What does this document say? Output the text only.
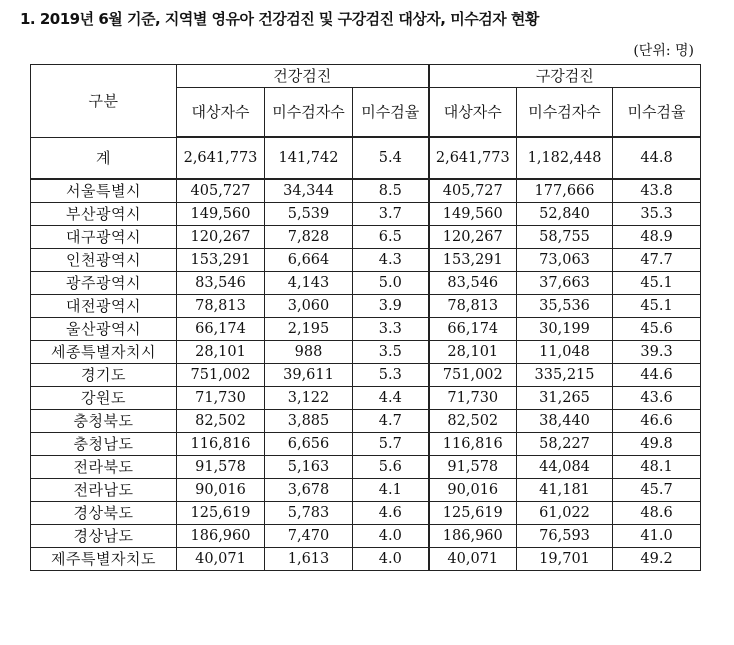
1. 2019년 6월 기준, 지역별 영유아 건강검진 및 구강검진 대상자, 미수검자 현황
(단위: 명)
구분	건강검진			구강검진		
	대상자수	미수검자수	미수검율	대상자수	미수검자수	미수검율
계	2,641,773	141,742	5.4	2,641,773	1,182,448	44.8
서울특별시	405,727	34,344	8.5	405,727	177,666	43.8
부산광역시	149,560	5,539	3.7	149,560	52,840	35.3
대구광역시	120,267	7,828	6.5	120,267	58,755	48.9
인천광역시	153,291	6,664	4.3	153,291	73,063	47.7
광주광역시	83,546	4,143	5.0	83,546	37,663	45.1
대전광역시	78,813	3,060	3.9	78,813	35,536	45.1
울산광역시	66,174	2,195	3.3	66,174	30,199	45.6
세종특별자치시	28,101	988	3.5	28,101	11,048	39.3
경기도	751,002	39,611	5.3	751,002	335,215	44.6
강원도	71,730	3,122	4.4	71,730	31,265	43.6
충청북도	82,502	3,885	4.7	82,502	38,440	46.6
충청남도	116,816	6,656	5.7	116,816	58,227	49.8
전라북도	91,578	5,163	5.6	91,578	44,084	48.1
전라남도	90,016	3,678	4.1	90,016	41,181	45.7
경상북도	125,619	5,783	4.6	125,619	61,022	48.6
경상남도	186,960	7,470	4.0	186,960	76,593	41.0
제주특별자치도	40,071	1,613	4.0	40,071	19,701	49.2
